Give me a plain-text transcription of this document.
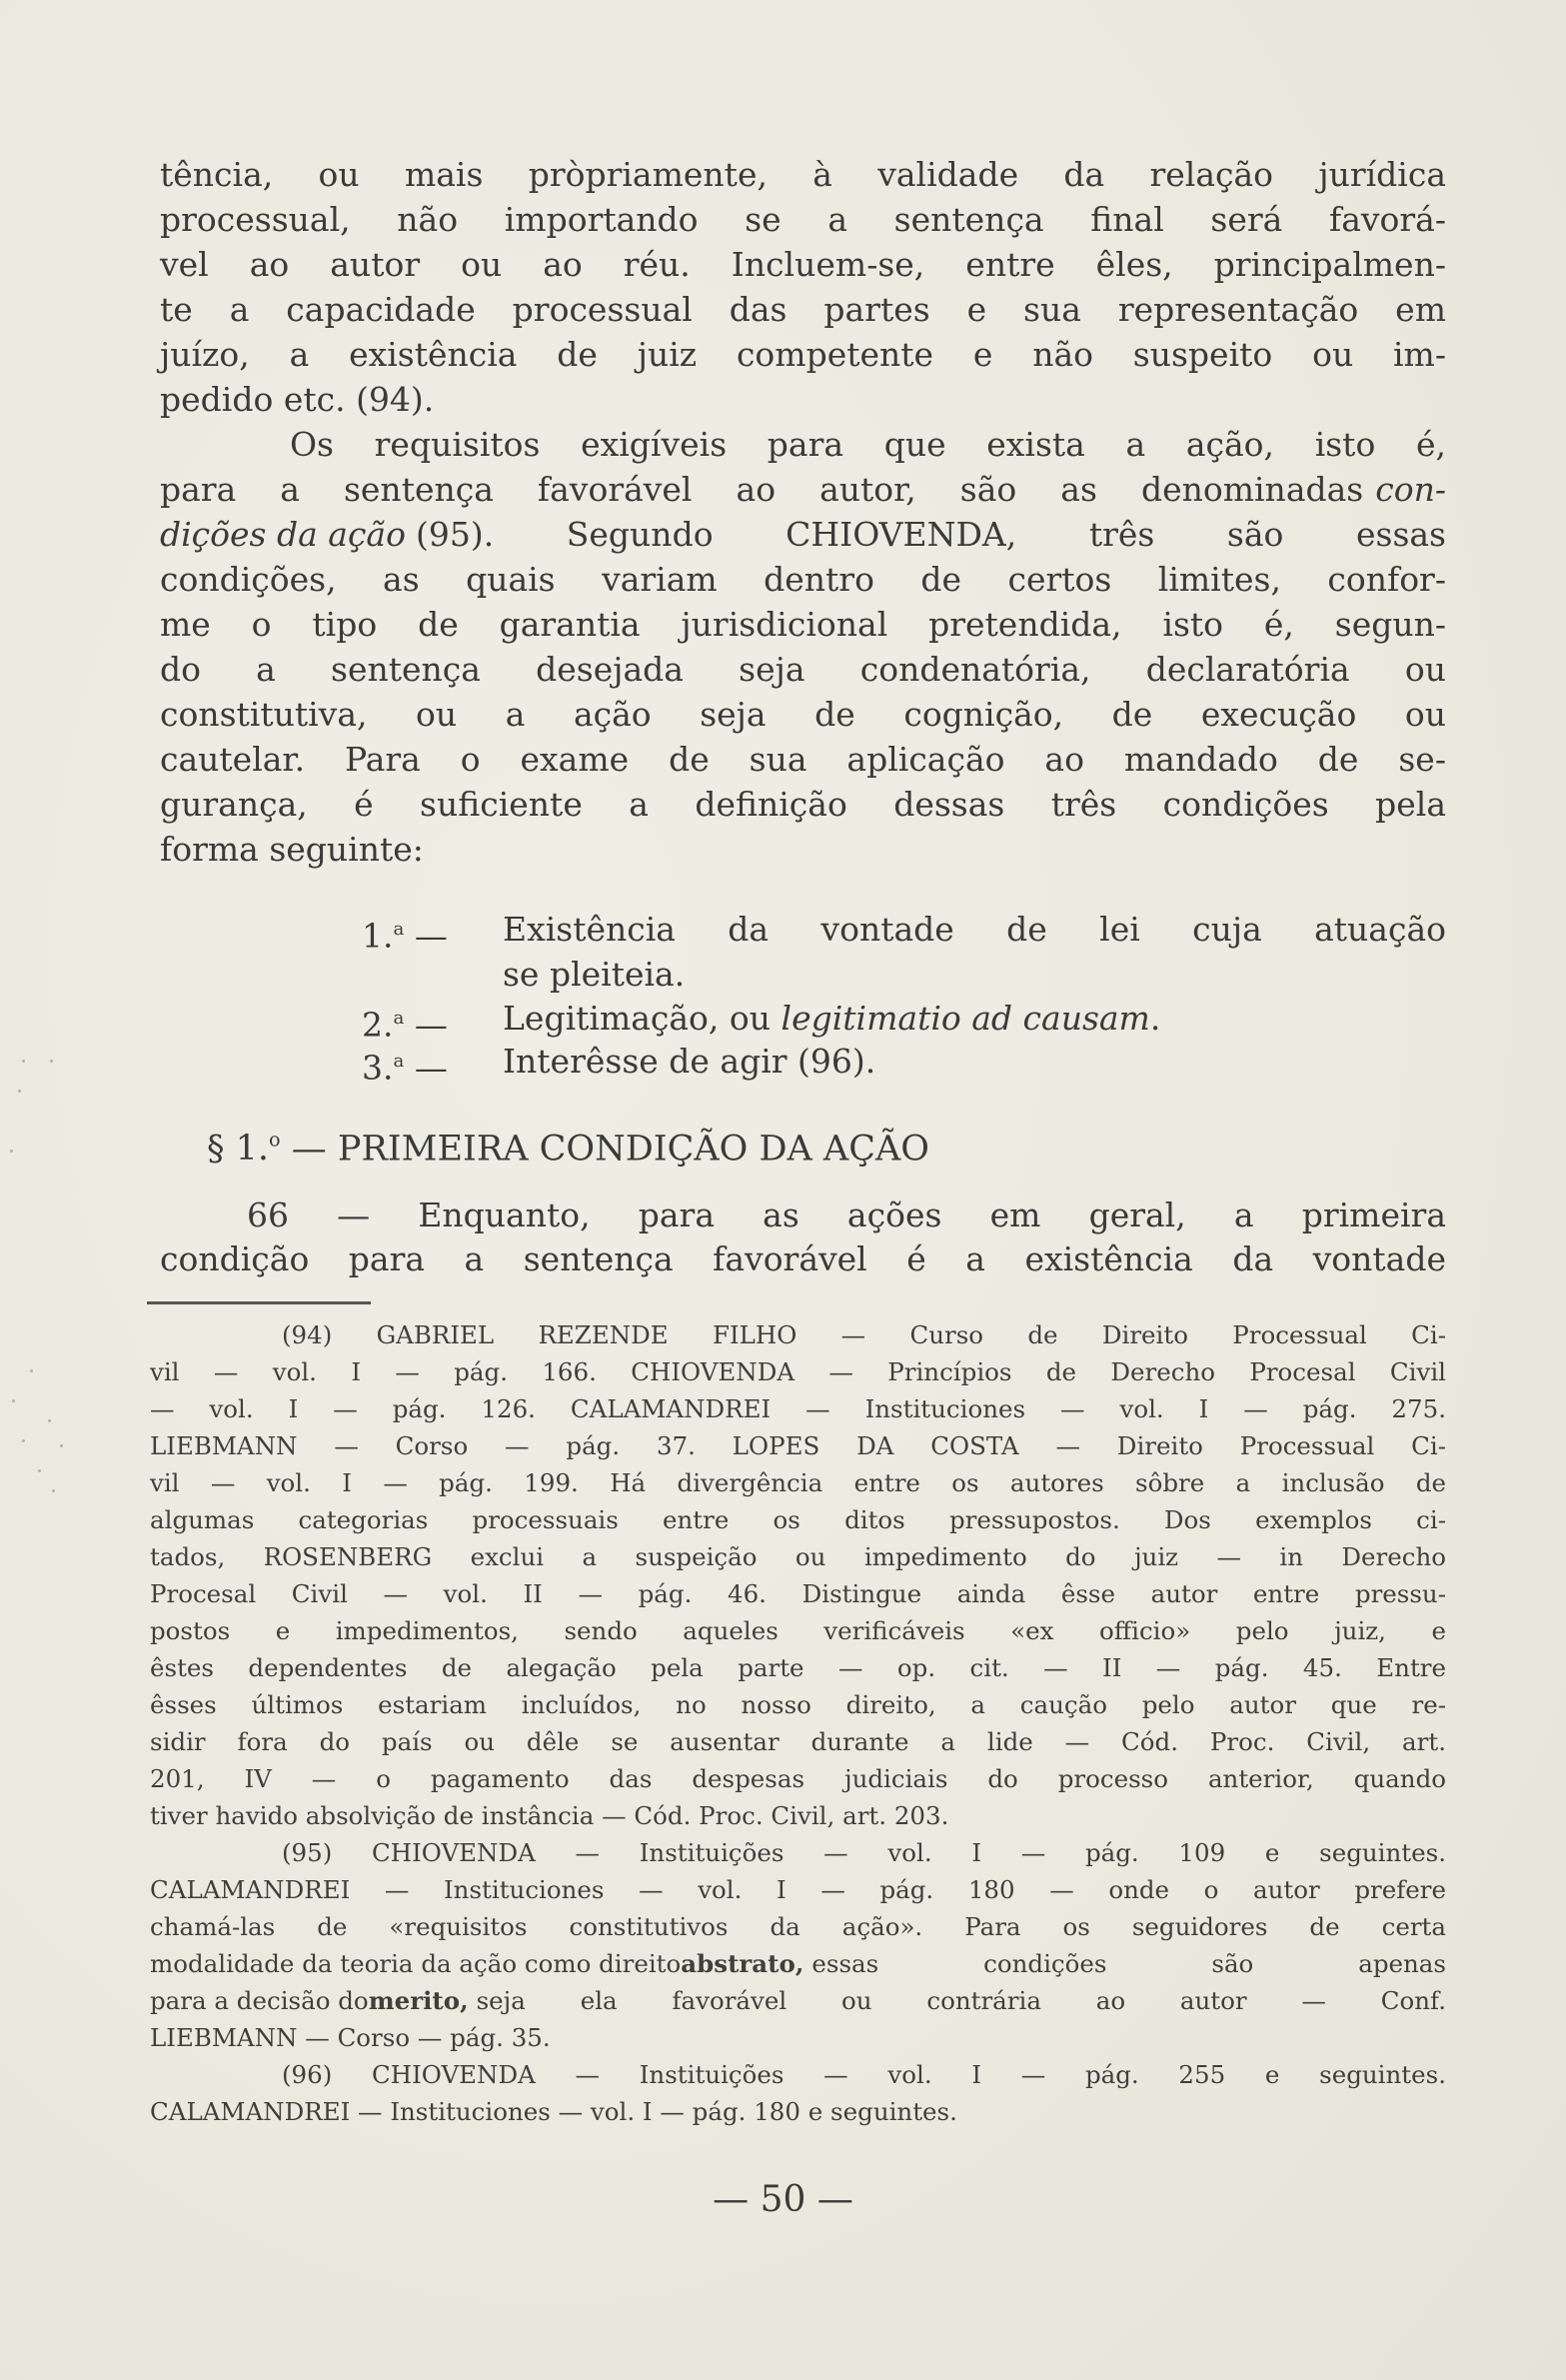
tência, ou mais pròpriamente, à validade da relação jurídica
processual, não importando se a sentença final será favorá-
vel ao autor ou ao réu. Incluem-se, entre êles, principalmen-
te a capacidade processual das partes e sua representação em
juízo, a existência de juiz competente e não suspeito ou im-
pedido etc. (94).
Os requisitos exigíveis para que exista a ação, isto é,
para a sentença favorável ao autor, são as denominadas con-
dições da ação (95). Segundo CHIOVENDA, três são essas
condições, as quais variam dentro de certos limites, confor-
me o tipo de garantia jurisdicional pretendida, isto é, segun-
do a sentença desejada seja condenatória, declaratória ou
constitutiva, ou a ação seja de cognição, de execução ou
cautelar. Para o exame de sua aplicação ao mandado de se-
gurança, é suficiente a definição dessas três condições pela
forma seguinte:
1.$^a$ — Existência da vontade de lei cuja atuação
se pleiteia.
2.$^a$ — Legitimação, ou legitimatio ad causam.
3.$^a$ — Interêsse de agir (96).
§ 1.$^o$ — PRIMEIRA CONDIÇÃO DA AÇÃO
66 — Enquanto, para as ações em geral, a primeira
condição para a sentença favorável é a existência da vontade
(94) GABRIEL REZENDE FILHO — Curso de Direito Processual Ci-
vil — vol. I — pág. 166. CHIOVENDA — Princípios de Derecho Procesal Civil
— vol. I — pág. 126. CALAMANDREI — Instituciones — vol. I — pág. 275.
LIEBMANN — Corso — pág. 37. LOPES DA COSTA — Direito Processual Ci-
vil — vol. I — pág. 199. Há divergência entre os autores sôbre a inclusão de
algumas categorias processuais entre os ditos pressupostos. Dos exemplos ci-
tados, ROSENBERG exclui a suspeição ou impedimento do juiz — in Derecho
Procesal Civil — vol. II — pág. 46. Distingue ainda êsse autor entre pressu-
postos e impedimentos, sendo aqueles verificáveis «ex officio» pelo juiz, e
êstes dependentes de alegação pela parte — op. cit. — II — pág. 45. Entre
êsses últimos estariam incluídos, no nosso direito, a caução pelo autor que re-
sidir fora do país ou dêle se ausentar durante a lide — Cód. Proc. Civil, art.
201, IV — o pagamento das despesas judiciais do processo anterior, quando
tiver havido absolvição de instância — Cód. Proc. Civil, art. 203.
(95) CHIOVENDA — Instituições — vol. I — pág. 109 e seguintes.
CALAMANDREI — Instituciones — vol. I — pág. 180 — onde o autor prefere
chamá-las de «requisitos constitutivos da ação». Para os seguidores de certa
modalidade da teoria da ação como direito abstrato, essas condições são apenas
para a decisão do merito, seja ela favorável ou contrária ao autor — Conf.
LIEBMANN — Corso — pág. 35.
(96) CHIOVENDA — Instituições — vol. I — pág. 255 e seguintes.
CALAMANDREI — Instituciones — vol. I — pág. 180 e seguintes.
— 50 —
